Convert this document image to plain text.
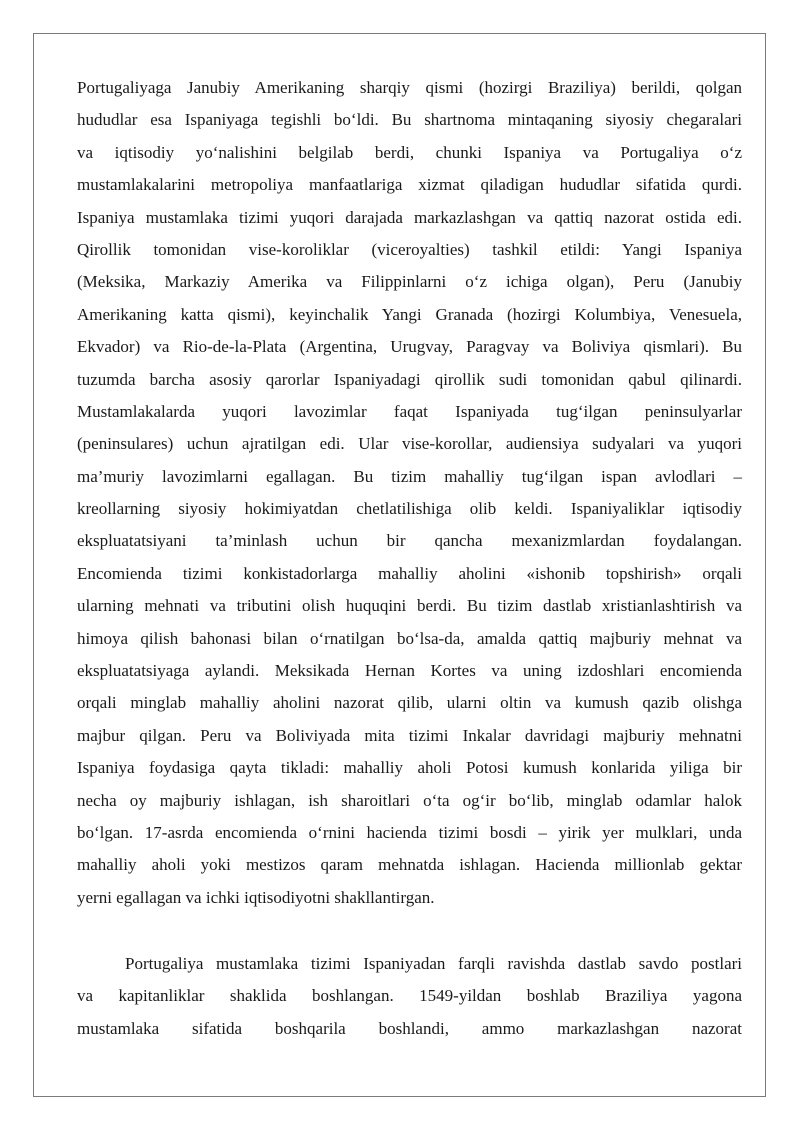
Portugaliyaga Janubiy Amerikaning sharqiy qismi (hozirgi Braziliya) berildi, qolgan
hududlar esa Ispaniyaga tegishli bo‘ldi. Bu shartnoma mintaqaning siyosiy chegaralari
va iqtisodiy yo‘nalishini belgilab berdi, chunki Ispaniya va Portugaliya o‘z
mustamlakalarini metropoliya manfaatlariga xizmat qiladigan hududlar sifatida qurdi.
Ispaniya mustamlaka tizimi yuqori darajada markazlashgan va qattiq nazorat ostida edi.
Qirollik tomonidan vise-koroliklar (viceroyalties) tashkil etildi: Yangi Ispaniya
(Meksika, Markaziy Amerika va Filippinlarni o‘z ichiga olgan), Peru (Janubiy
Amerikaning katta qismi), keyinchalik Yangi Granada (hozirgi Kolumbiya, Venesuela,
Ekvador) va Rio-de-la-Plata (Argentina, Urugvay, Paragvay va Boliviya qismlari). Bu
tuzumda barcha asosiy qarorlar Ispaniyadagi qirollik sudi tomonidan qabul qilinardi.
Mustamlakalarda yuqori lavozimlar faqat Ispaniyada tug‘ilgan peninsulyarlar
(peninsulares) uchun ajratilgan edi. Ular vise-korollar, audiensiya sudyalari va yuqori
ma’muriy lavozimlarni egallagan. Bu tizim mahalliy tug‘ilgan ispan avlodlari –
kreollarning siyosiy hokimiyatdan chetlatilishiga olib keldi. Ispaniyaliklar iqtisodiy
ekspluatatsiyani ta’minlash uchun bir qancha mexanizmlardan foydalangan.
Encomienda tizimi konkistadorlarga mahalliy aholini «ishonib topshirish» orqali
ularning mehnati va tributini olish huquqini berdi. Bu tizim dastlab xristianlashtirish va
himoya qilish bahonasi bilan o‘rnatilgan bo‘lsa-da, amalda qattiq majburiy mehnat va
ekspluatatsiyaga aylandi. Meksikada Hernan Kortes va uning izdoshlari encomienda
orqali minglab mahalliy aholini nazorat qilib, ularni oltin va kumush qazib olishga
majbur qilgan. Peru va Boliviyada mita tizimi Inkalar davridagi majburiy mehnatni
Ispaniya foydasiga qayta tikladi: mahalliy aholi Potosi kumush konlarida yiliga bir
necha oy majburiy ishlagan, ish sharoitlari o‘ta og‘ir bo‘lib, minglab odamlar halok
bo‘lgan. 17-asrda encomienda o‘rnini hacienda tizimi bosdi – yirik yer mulklari, unda
mahalliy aholi yoki mestizos qaram mehnatda ishlagan. Hacienda millionlab gektar
yerni egallagan va ichki iqtisodiyotni shakllantirgan.
Portugaliya mustamlaka tizimi Ispaniyadan farqli ravishda dastlab savdo postlari
va kapitanliklar shaklida boshlangan. 1549-yildan boshlab Braziliya yagona
mustamlaka sifatida boshqarila boshlandi, ammo markazlashgan nazorat
